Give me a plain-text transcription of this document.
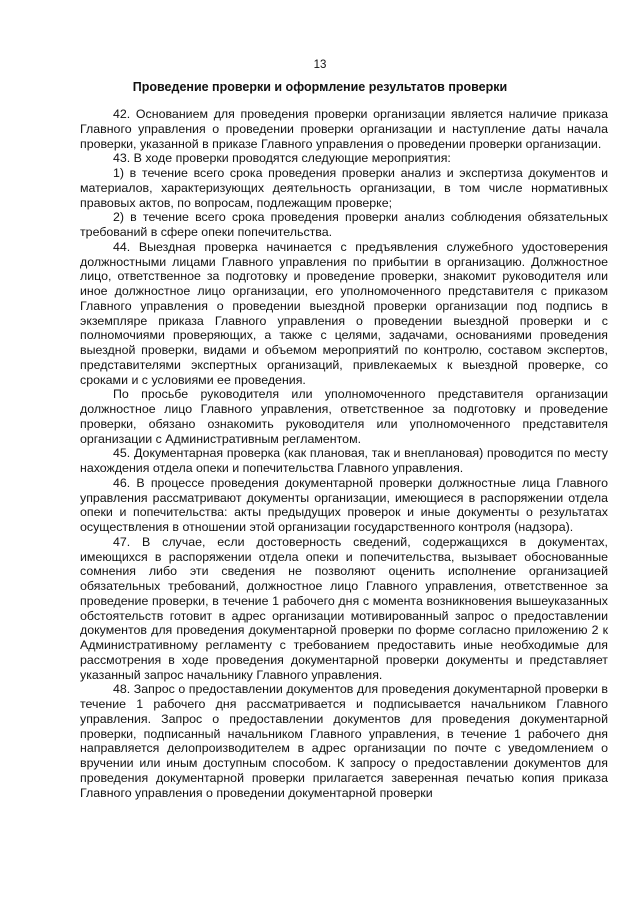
13
Проведение проверки и оформление результатов проверки

42. Основанием для проведения проверки организации является наличие приказа Главного управления о проведении проверки организации и наступление даты начала проверки, указанной в приказе Главного управления о проведении проверки организации.

43. В ходе проверки проводятся следующие мероприятия:

1) в течение всего срока проведения проверки анализ и экспертиза документов и материалов, характеризующих деятельность организации, в том числе нормативных правовых актов, по вопросам, подлежащим проверке;

2) в течение всего срока проведения проверки анализ соблюдения обязательных требований в сфере опеки попечительства.

44. Выездная проверка начинается с предъявления служебного удостоверения должностными лицами Главного управления по прибытии в организацию. Должностное лицо, ответственное за подготовку и проведение проверки, знакомит руководителя или иное должностное лицо организации, его уполномоченного представителя с приказом Главного управления о проведении выездной проверки организации под подпись в экземпляре приказа Главного управления о проведении выездной проверки и с полномочиями проверяющих, а также с целями, задачами, основаниями проведения выездной проверки, видами и объемом мероприятий по контролю, составом экспертов, представителями экспертных организаций, привлекаемых к выездной проверке, со сроками и с условиями ее проведения.

По просьбе руководителя или уполномоченного представителя организации должностное лицо Главного управления, ответственное за подготовку и проведение проверки, обязано ознакомить руководителя или уполномоченного представителя организации с Административным регламентом.

45. Документарная проверка (как плановая, так и внеплановая) проводится по месту нахождения отдела опеки и попечительства Главного управления.

46. В процессе проведения документарной проверки должностные лица Главного управления рассматривают документы организации, имеющиеся в распоряжении отдела опеки и попечительства: акты предыдущих проверок и иные документы о результатах осуществления в отношении этой организации государственного контроля (надзора).

47. В случае, если достоверность сведений, содержащихся в документах, имеющихся в распоряжении отдела опеки и попечительства, вызывает обоснованные сомнения либо эти сведения не позволяют оценить исполнение организацией обязательных требований, должностное лицо Главного управления, ответственное за проведение проверки, в течение 1 рабочего дня с момента возникновения вышеуказанных обстоятельств готовит в адрес организации мотивированный запрос о предоставлении документов для проведения документарной проверки по форме согласно приложению 2 к Административному регламенту с требованием предоставить иные необходимые для рассмотрения в ходе проведения документарной проверки документы и представляет указанный запрос начальнику Главного управления.

48. Запрос о предоставлении документов для проведения документарной проверки в течение 1 рабочего дня рассматривается и подписывается начальником Главного управления. Запрос о предоставлении документов для проведения документарной проверки, подписанный начальником Главного управления, в течение 1 рабочего дня направляется делопроизводителем в адрес организации по почте с уведомлением о вручении или иным доступным способом. К запросу о предоставлении документов для проведения документарной проверки прилагается заверенная печатью копия приказа Главного управления о проведении документарной проверки
